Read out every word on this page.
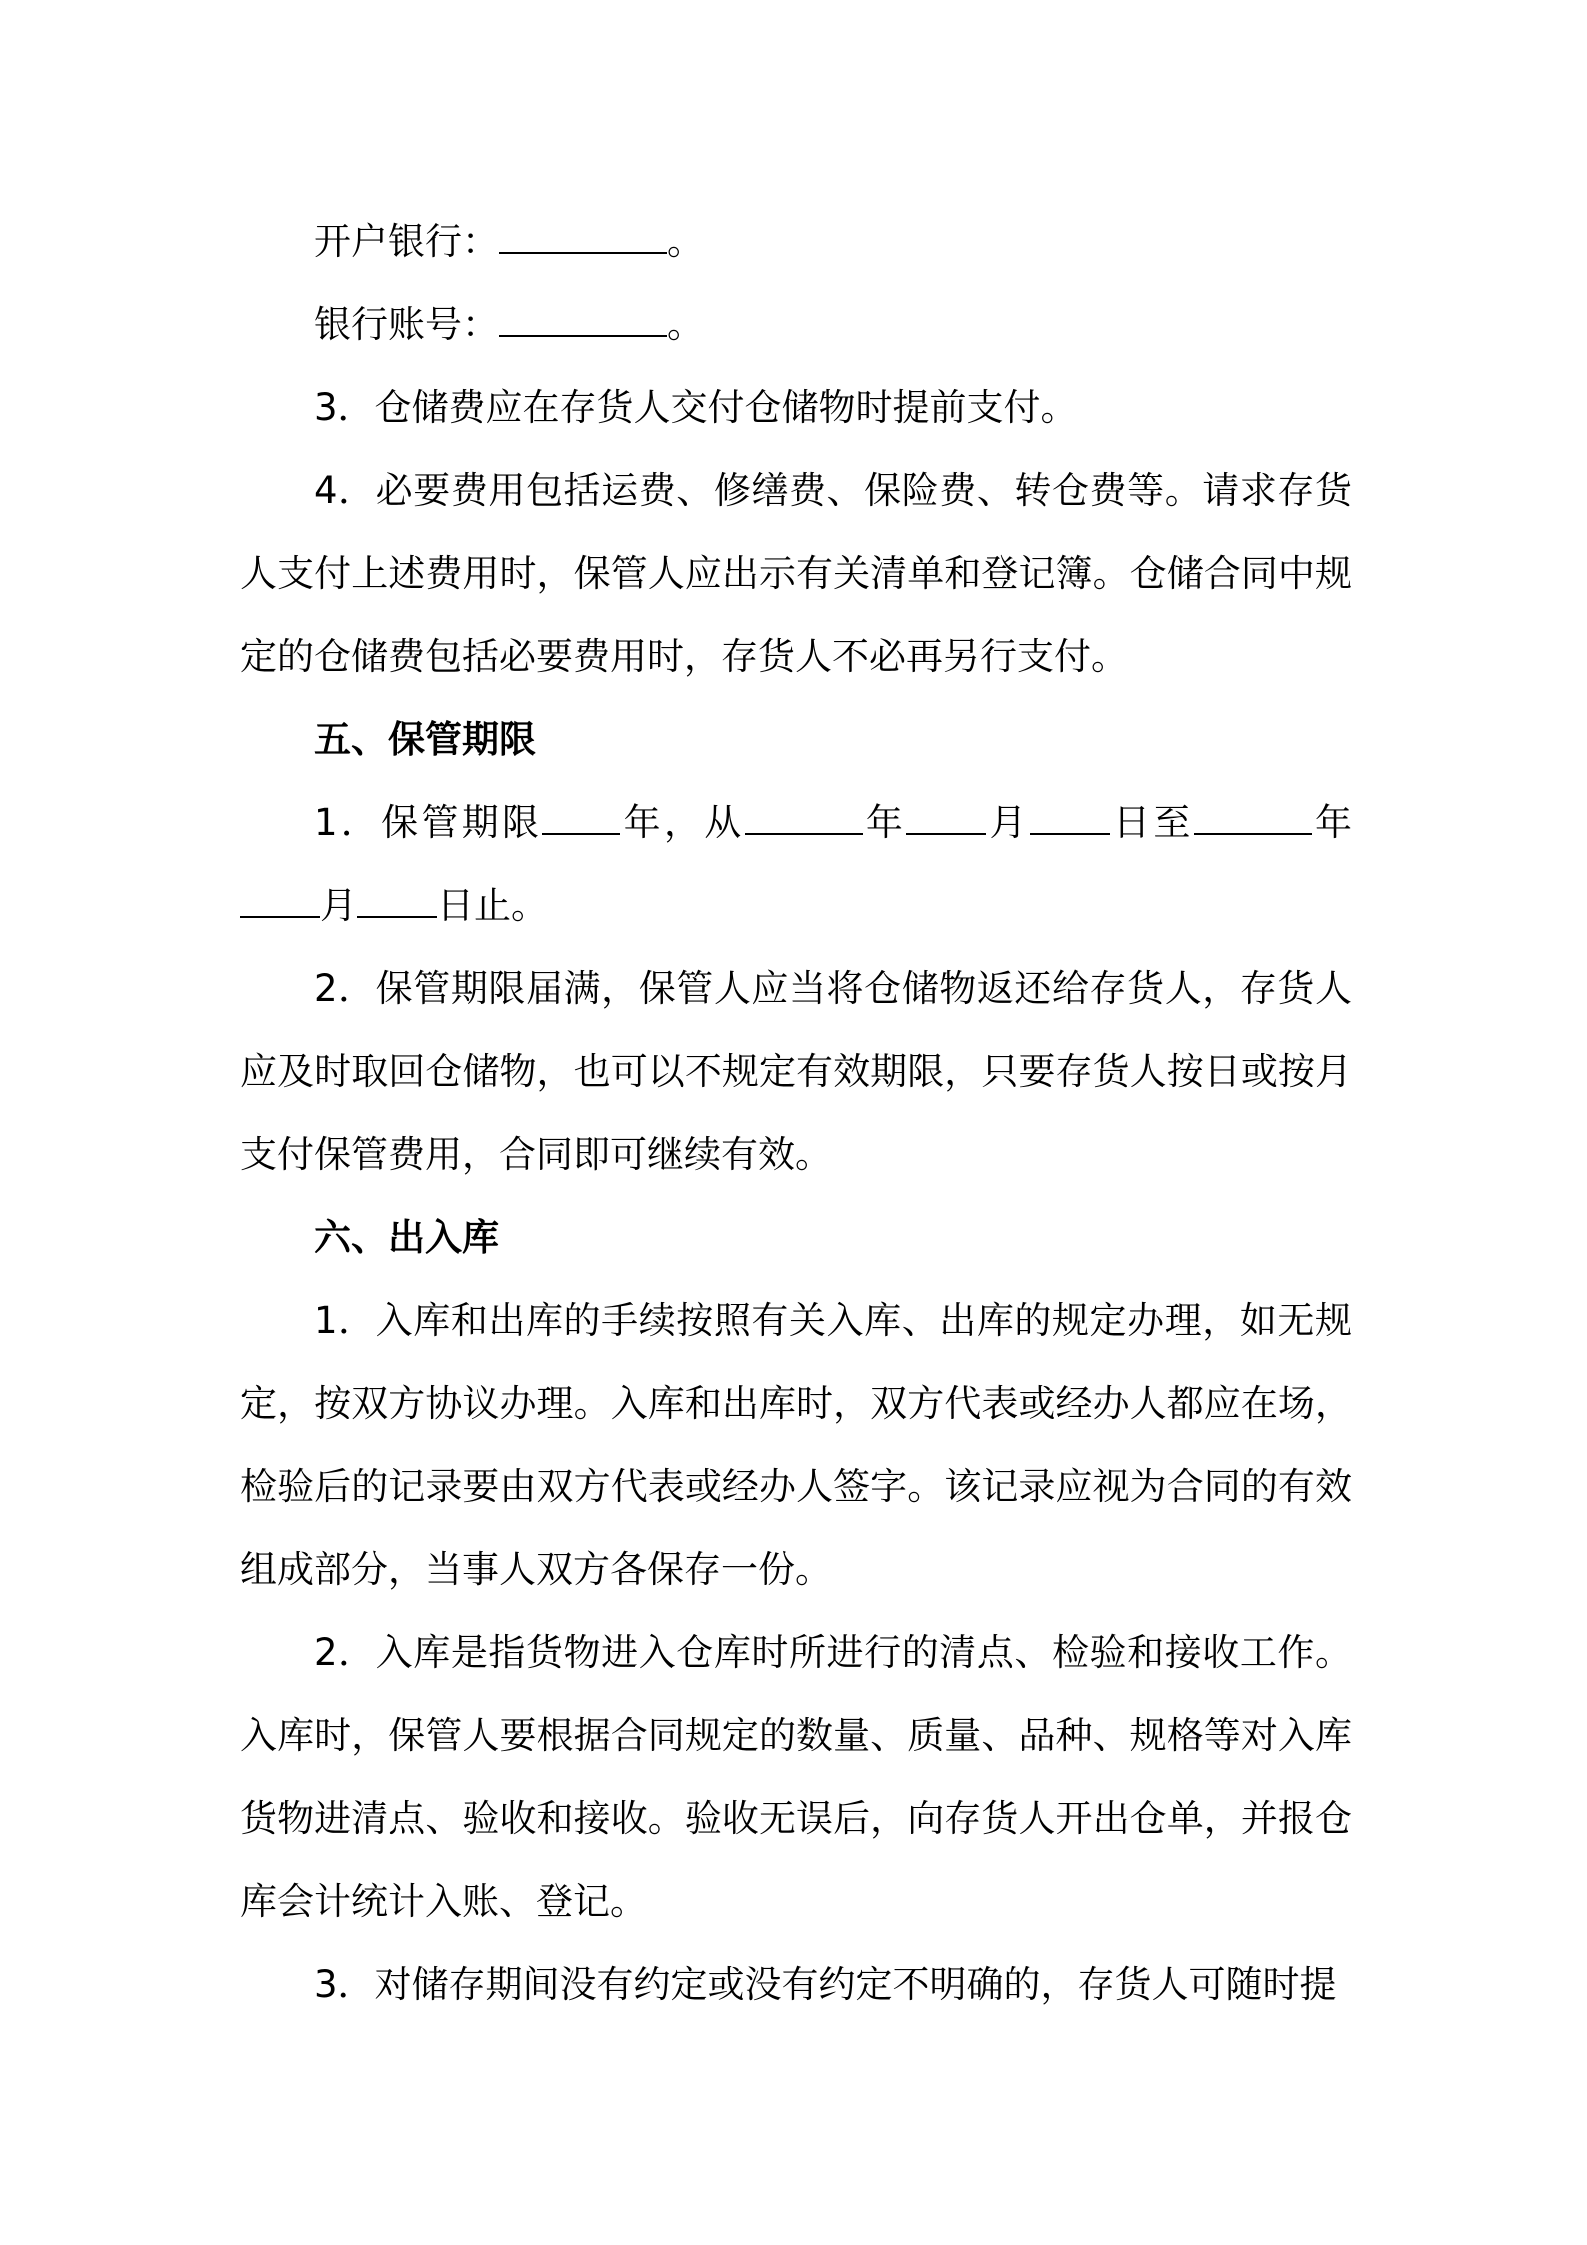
开户银行：	。

银行账号：	。

3．仓储费应在存货人交付仓储物时提前支付。

4．必要费用包括运费、修缮费、保险费、转仓费等。请求存货人支付上述费用时，保管人应出示有关清单和登记簿。仓储合同中规定的仓储费包括必要费用时，存货人不必再另行支付。

五、保管期限

1．保管期限 年，从	年 月 日至	年月 日止。

2．保管期限届满，保管人应当将仓储物返还给存货人，存货人应及时取回仓储物，也可以不规定有效期限，只要存货人按日或按月支付保管费用，合同即可继续有效。

六、出入库

1．入库和出库的手续按照有关入库、出库的规定办理，如无规定，按双方协议办理。入库和出库时，双方代表或经办人都应在场，检验后的记录要由双方代表或经办人签字。该记录应视为合同的有效组成部分，当事人双方各保存一份。

2．入库是指货物进入仓库时所进行的清点、检验和接收工作。入库时，保管人要根据合同规定的数量、质量、品种、规格等对入库货物进清点、验收和接收。验收无误后，向存货人开出仓单，并报仓库会计统计入账、登记。

3．对储存期间没有约定或没有约定不明确的，存货人可随时提
